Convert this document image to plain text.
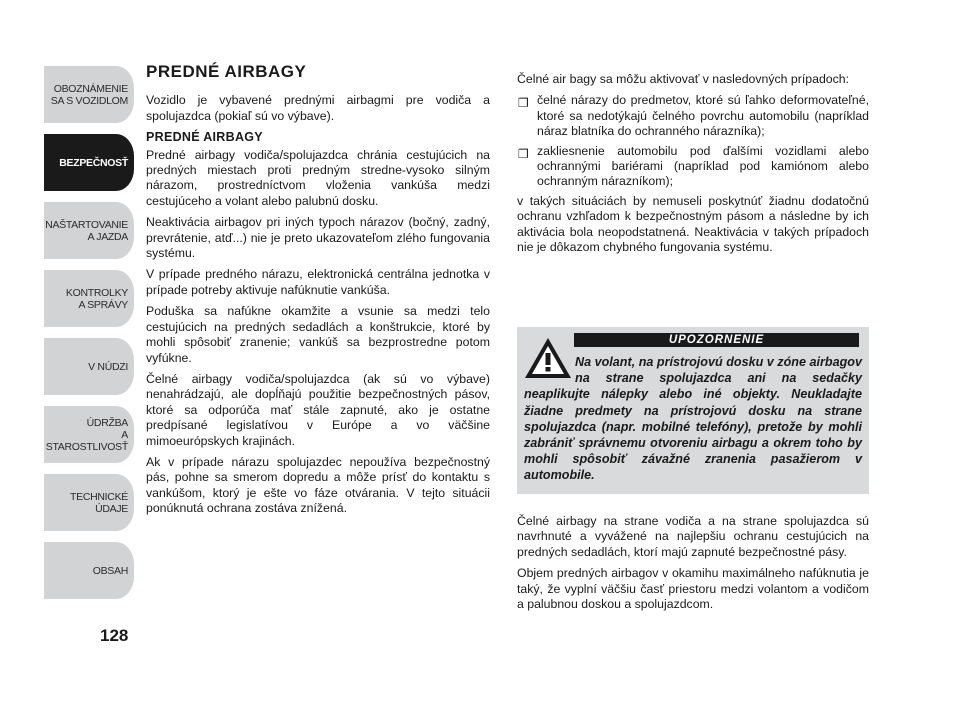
OBOZNÁMENIE
SA S VOZIDLOM
BEZPEČNOSŤ
NAŠTARTOVANIE
A JAZDA
KONTROLKY
A SPRÁVY
V NÚDZI
ÚDRŽBA
A STAROSTLIVOSŤ
TECHNICKÉ
ÚDAJE
OBSAH
128
PREDNÉ AIRBAGY

Vozidlo je vybavené prednými airbagmi pre vodiča a spolujazdca (pokiaľ sú vo výbave).

PREDNÉ AIRBAGY

Predné airbagy vodiča/spolujazdca chránia cestujúcich na predných miestach proti predným stredne-vysoko silným nárazom, prostredníctvom vloženia vankúša medzi cestujúceho a volant alebo palubnú dosku.

Neaktivácia airbagov pri iných typoch nárazov (bočný, zadný, prevrátenie, atď...) nie je preto ukazovateľom zlého fungovania systému.

V prípade predného nárazu, elektronická centrálna jednotka v prípade potreby aktivuje nafúknutie vankúša.

Poduška sa nafúkne okamžite a vsunie sa medzi telo cestujúcich na predných sedadlách a konštrukcie, ktoré by mohli spôsobiť zranenie; vankúš sa bezprostredne potom vyfúkne.

Čelné airbagy vodiča/spolujazdca (ak sú vo výbave) nenahrádzajú, ale dopĺňajú použitie bezpečnostných pásov, ktoré sa odporúča mať stále zapnuté, ako je ostatne predpísané legislatívou v Európe a vo väčšine mimoeurópskych krajinách.

Ak v prípade nárazu spolujazdec nepoužíva bezpečnostný pás, pohne sa smerom dopredu a môže prísť do kontaktu s vankúšom, ktorý je ešte vo fáze otvárania. V tejto situácii ponúknutá ochrana zostáva znížená.

Čelné air bagy sa môžu aktivovať v nasledovných prípadoch:

❒ čelné nárazy do predmetov, ktoré sú ľahko deformovateľné, ktoré sa nedotýkajú čelného povrchu automobilu (napríklad náraz blatníka do ochranného nárazníka);
❒ zakliesnenie automobilu pod ďalšími vozidlami alebo ochrannými bariérami (napríklad pod kamiónom alebo ochranným nárazníkom);

v takých situáciách by nemuseli poskytnúť žiadnu dodatočnú ochranu vzhľadom k bezpečnostným pásom a následne by ich aktivácia bola neopodstatnená. Neaktivácia v takých prípadoch nie je dôkazom chybného fungovania systému.

UPOZORNENIE
Na volant, na prístrojovú dosku v zóne airbagov na strane spolujazdca ani na sedačky neaplikujte nálepky alebo iné objekty. Neukladajte žiadne predmety na prístrojovú dosku na strane spolujazdca (napr. mobilné telefóny), pretože by mohli zabrániť správnemu otvoreniu airbagu a okrem toho by mohli spôsobiť závažné zranenia pasažierom v automobile.

Čelné airbagy na strane vodiča a na strane spolujazdca sú navrhnuté a vyvážené na najlepšiu ochranu cestujúcich na predných sedadlách, ktorí majú zapnuté bezpečnostné pásy.

Objem predných airbagov v okamihu maximálneho nafúknutia je taký, že vyplní väčšiu časť priestoru medzi volantom a vodičom a palubnou doskou a spolujazdcom.
